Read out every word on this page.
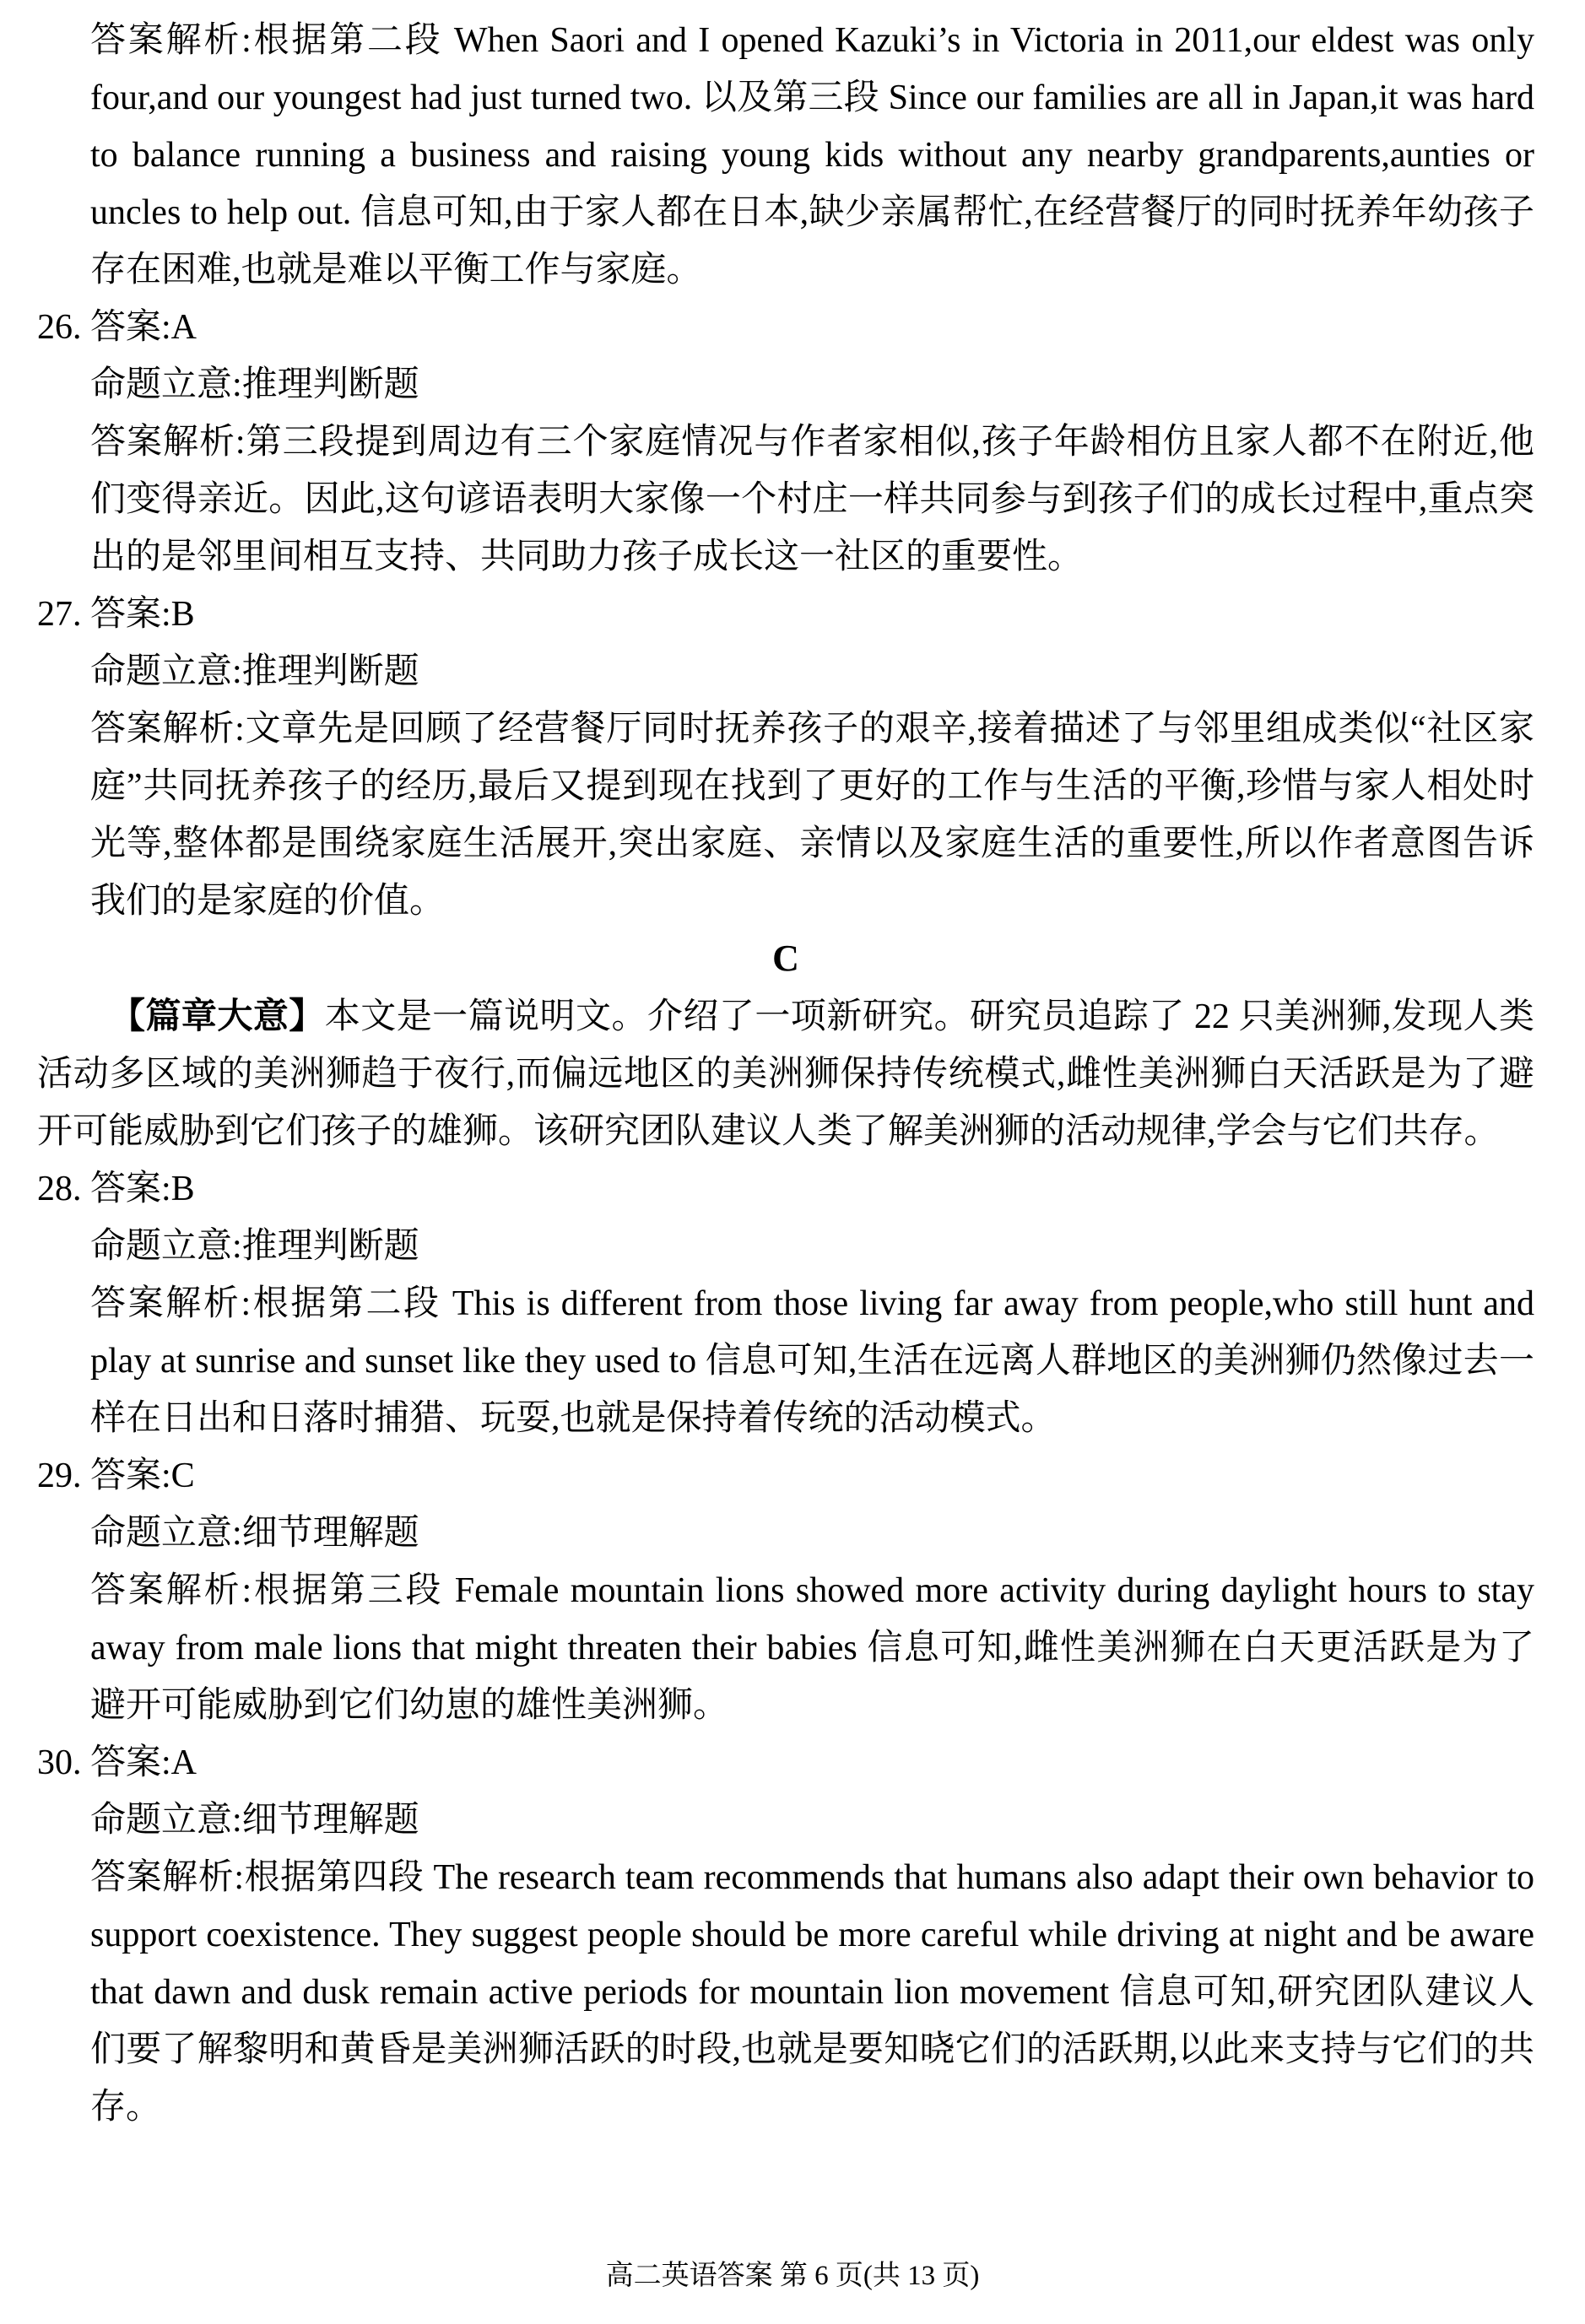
答案解析:根据第二段 When Saori and I opened Kazuki’s in Victoria in 2011,our eldest was only four,and our youngest had just turned two. 以及第三段 Since our families are all in Japan,it was hard to balance running a business and raising young kids without any nearby grandparents,aunties or uncles to help out. 信息可知,由于家人都在日本,缺少亲属帮忙,在经营餐厅的同时抚养年幼孩子存在困难,也就是难以平衡工作与家庭。

26. 答案:A

命题立意:推理判断题

答案解析:第三段提到周边有三个家庭情况与作者家相似,孩子年龄相仿且家人都不在附近,他们变得亲近。因此,这句谚语表明大家像一个村庄一样共同参与到孩子们的成长过程中,重点突出的是邻里间相互支持、共同助力孩子成长这一社区的重要性。

27. 答案:B

命题立意:推理判断题

答案解析:文章先是回顾了经营餐厅同时抚养孩子的艰辛,接着描述了与邻里组成类似“社区家庭”共同抚养孩子的经历,最后又提到现在找到了更好的工作与生活的平衡,珍惜与家人相处时光等,整体都是围绕家庭生活展开,突出家庭、亲情以及家庭生活的重要性,所以作者意图告诉我们的是家庭的价值。

C

【篇章大意】本文是一篇说明文。介绍了一项新研究。研究员追踪了 22 只美洲狮,发现人类活动多区域的美洲狮趋于夜行,而偏远地区的美洲狮保持传统模式,雌性美洲狮白天活跃是为了避开可能威胁到它们孩子的雄狮。该研究团队建议人类了解美洲狮的活动规律,学会与它们共存。

28. 答案:B

命题立意:推理判断题

答案解析:根据第二段 This is different from those living far away from people,who still hunt and play at sunrise and sunset like they used to 信息可知,生活在远离人群地区的美洲狮仍然像过去一样在日出和日落时捕猎、玩耍,也就是保持着传统的活动模式。

29. 答案:C

命题立意:细节理解题

答案解析:根据第三段 Female mountain lions showed more activity during daylight hours to stay away from male lions that might threaten their babies 信息可知,雌性美洲狮在白天更活跃是为了避开可能威胁到它们幼崽的雄性美洲狮。

30. 答案:A

命题立意:细节理解题

答案解析:根据第四段 The research team recommends that humans also adapt their own behavior to support coexistence. They suggest people should be more careful while driving at night and be aware that dawn and dusk remain active periods for mountain lion movement 信息可知,研究团队建议人们要了解黎明和黄昏是美洲狮活跃的时段,也就是要知晓它们的活跃期,以此来支持与它们的共存。

高二英语答案 第 6 页(共 13 页)
